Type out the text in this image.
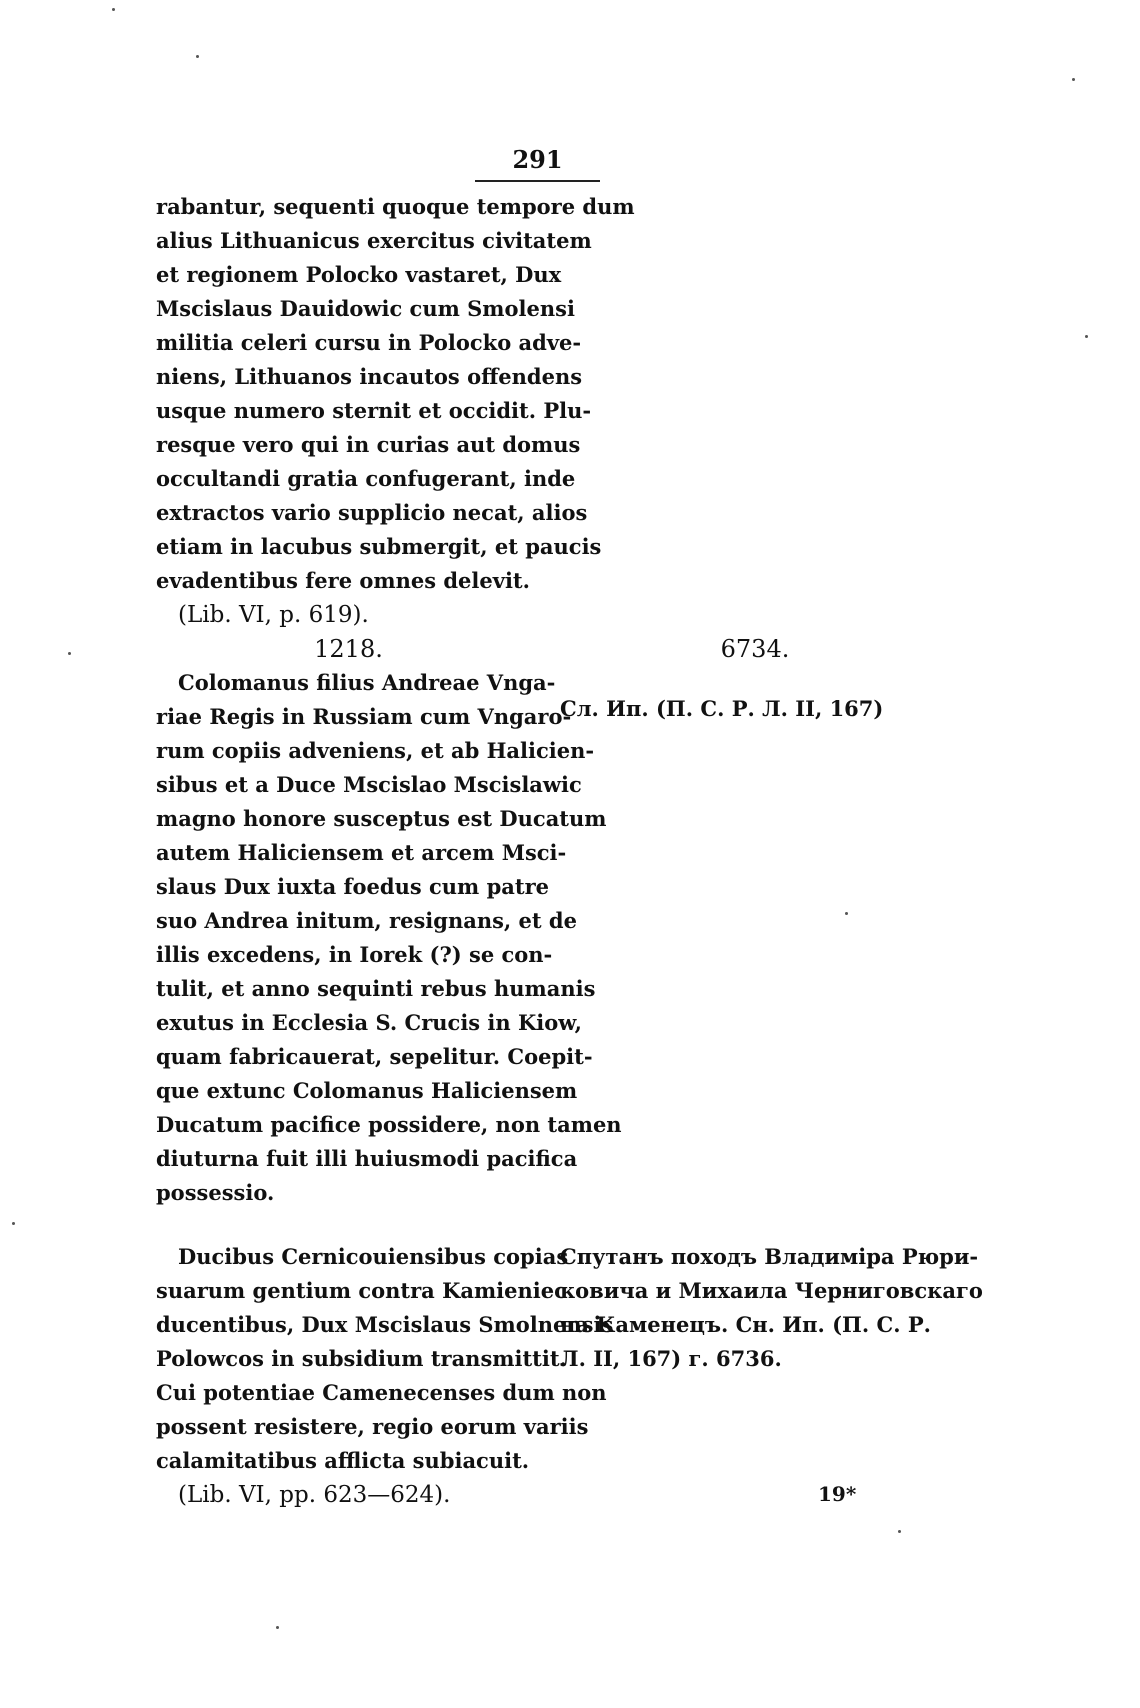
291
rabantur, sequenti quoque tempore dum
alius Lithuanicus exercitus civitatem
et regionem Polocko vastaret, Dux
Mscislaus Dauidowic cum Smolensi
militia celeri cursu in Polocko adve-
niens, Lithuanos incautos offendens
usque numero sternit et occidit. Plu-
resque vero qui in curias aut domus
occultandi gratia confugerant, inde
extractos vario supplicio necat, alios
etiam in lacubus submergit, et paucis
evadentibus fere omnes delevit.
(Lib. VI, p. 619).
1218.	6734.
Colomanus filius Andreae Vnga-
riae Regis in Russiam cum Vngaro-
rum copiis adveniens, et ab Halicien-
sibus et a Duce Mscislao Mscislawic
magno honore susceptus est Ducatum
autem Haliciensem et arcem Msci-
slaus Dux iuxta foedus cum patre
suo Andrea initum, resignans, et de
illis excedens, in Iorek (?) se con-
tulit, et anno sequinti rebus humanis
exutus in Ecclesia S. Crucis in Kiow,
quam fabricauerat, sepelitur. Coepit-
que extunc Colomanus Haliciensem
Ducatum pacifice possidere, non tamen
diuturna fuit illi huiusmodi pacifica
possessio.
Сл. Ип. (П. С. Р. Л. II, 167)
Ducibus Cernicouiensibus copias
suarum gentium contra Kamieniec
ducentibus, Dux Mscislaus Smolnensis
Polowcos in subsidium transmittit.
Cui potentiae Camenecenses dum non
possent resistere, regio eorum variis
calamitatibus afflicta subiacuit.
(Lib. VI, pp. 623—624).
Спутанъ походъ Владиміра Рюри-
ковича и Михаила Черниговскаго
на Каменецъ. Сн. Ип. (П. С. Р.
Л. II, 167) г. 6736.
19*
